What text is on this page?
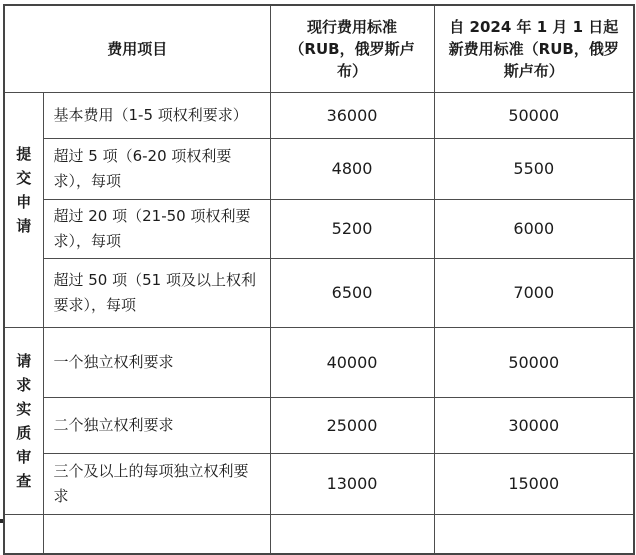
费用项目		现行费用标准（RUB，俄罗斯卢布）	自 2024 年 1 月 1 日起新费用标准（RUB，俄罗斯卢布）

提交申请	基本费用（1-5 项权利要求）	36000	50000
	超过 5 项（6-20 项权利要求），每项	4800	5500
	超过 20 项（21-50 项权利要求），每项	5200	6000
	超过 50 项（51 项及以上权利要求），每项	6500	7000

请求实质审查	一个独立权利要求	40000	50000
	二个独立权利要求	25000	30000
	三个及以上的每项独立权利要求	13000	15000
